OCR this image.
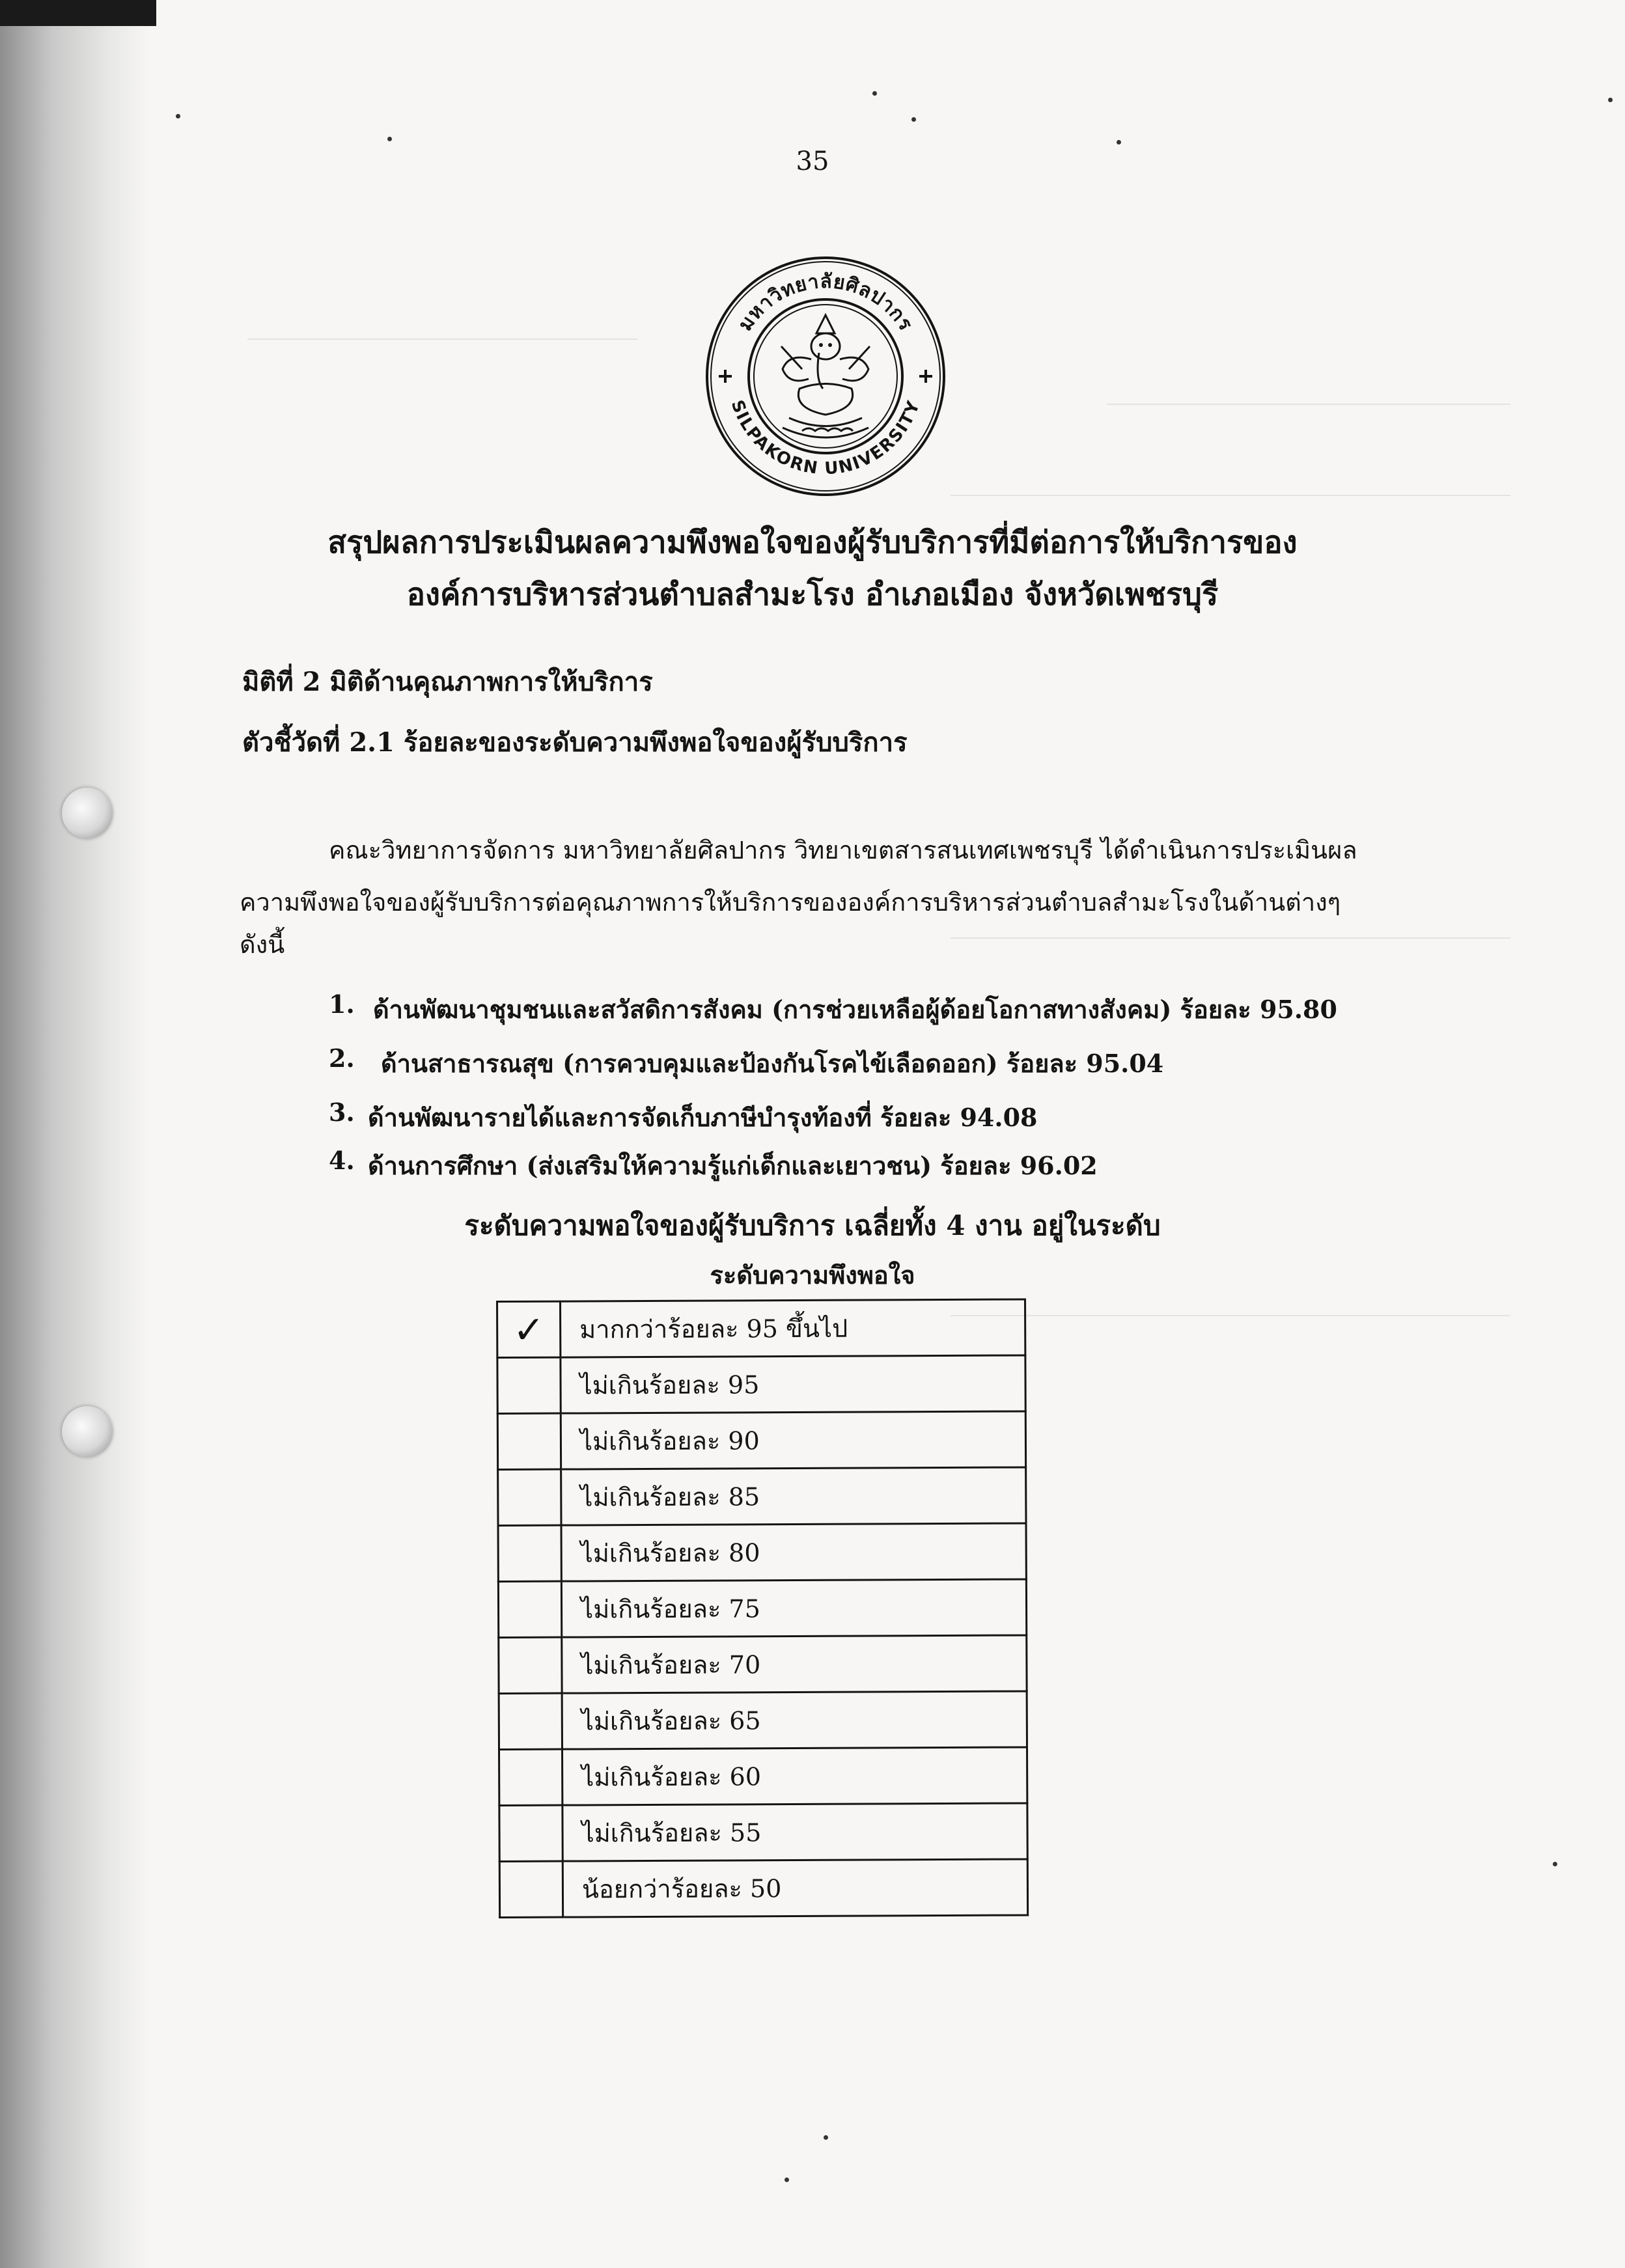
35
มหาวิทยาลัยศิลปากร
SILPAKORN UNIVERSITY
สรุปผลการประเมินผลความพึงพอใจของผู้รับบริการที่มีต่อการให้บริการของ
องค์การบริหารส่วนตำบลสำมะโรง อำเภอเมือง จังหวัดเพชรบุรี
มิติที่ 2 มิติด้านคุณภาพการให้บริการ
ตัวชี้วัดที่ 2.1 ร้อยละของระดับความพึงพอใจของผู้รับบริการ
คณะวิทยาการจัดการ มหาวิทยาลัยศิลปากร วิทยาเขตสารสนเทศเพชรบุรี ได้ดำเนินการประเมินผล
ความพึงพอใจของผู้รับบริการต่อคุณภาพการให้บริการขององค์การบริหารส่วนตำบลสำมะโรงในด้านต่างๆ
ดังนี้
1. ด้านพัฒนาชุมชนและสวัสดิการสังคม (การช่วยเหลือผู้ด้อยโอกาสทางสังคม) ร้อยละ 95.80
2. ด้านสาธารณสุข (การควบคุมและป้องกันโรคไข้เลือดออก) ร้อยละ 95.04
3. ด้านพัฒนารายได้และการจัดเก็บภาษีบำรุงท้องที่ ร้อยละ 94.08
4. ด้านการศึกษา (ส่งเสริมให้ความรู้แก่เด็กและเยาวชน) ร้อยละ 96.02
ระดับความพอใจของผู้รับบริการ เฉลี่ยทั้ง 4 งาน อยู่ในระดับ
ระดับความพึงพอใจ
✓	มากกว่าร้อยละ 95 ขึ้นไป
	ไม่เกินร้อยละ 95
	ไม่เกินร้อยละ 90
	ไม่เกินร้อยละ 85
	ไม่เกินร้อยละ 80
	ไม่เกินร้อยละ 75
	ไม่เกินร้อยละ 70
	ไม่เกินร้อยละ 65
	ไม่เกินร้อยละ 60
	ไม่เกินร้อยละ 55
	น้อยกว่าร้อยละ 50
